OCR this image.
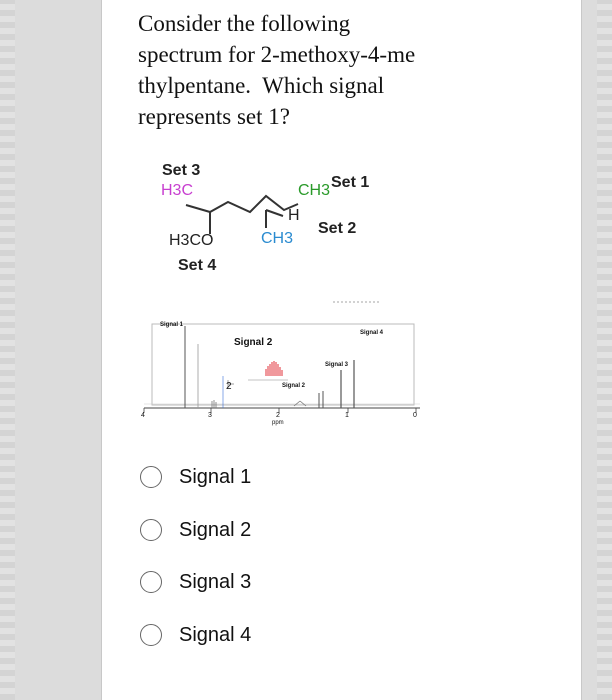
Consider the following
spectrum for 2-methoxy-4-me
thylpentane.  Which signal
represents set 1?
Set 3
H3C	Set 1
CH3
H
Set 2
CH3
H3CO
Set 4
Signal 1
Signal 2
Signal 3
Signal 4
Signal 2
2
4	3	2	1	0
ppm
Signal 1
Signal 2
Signal 3
Signal 4
